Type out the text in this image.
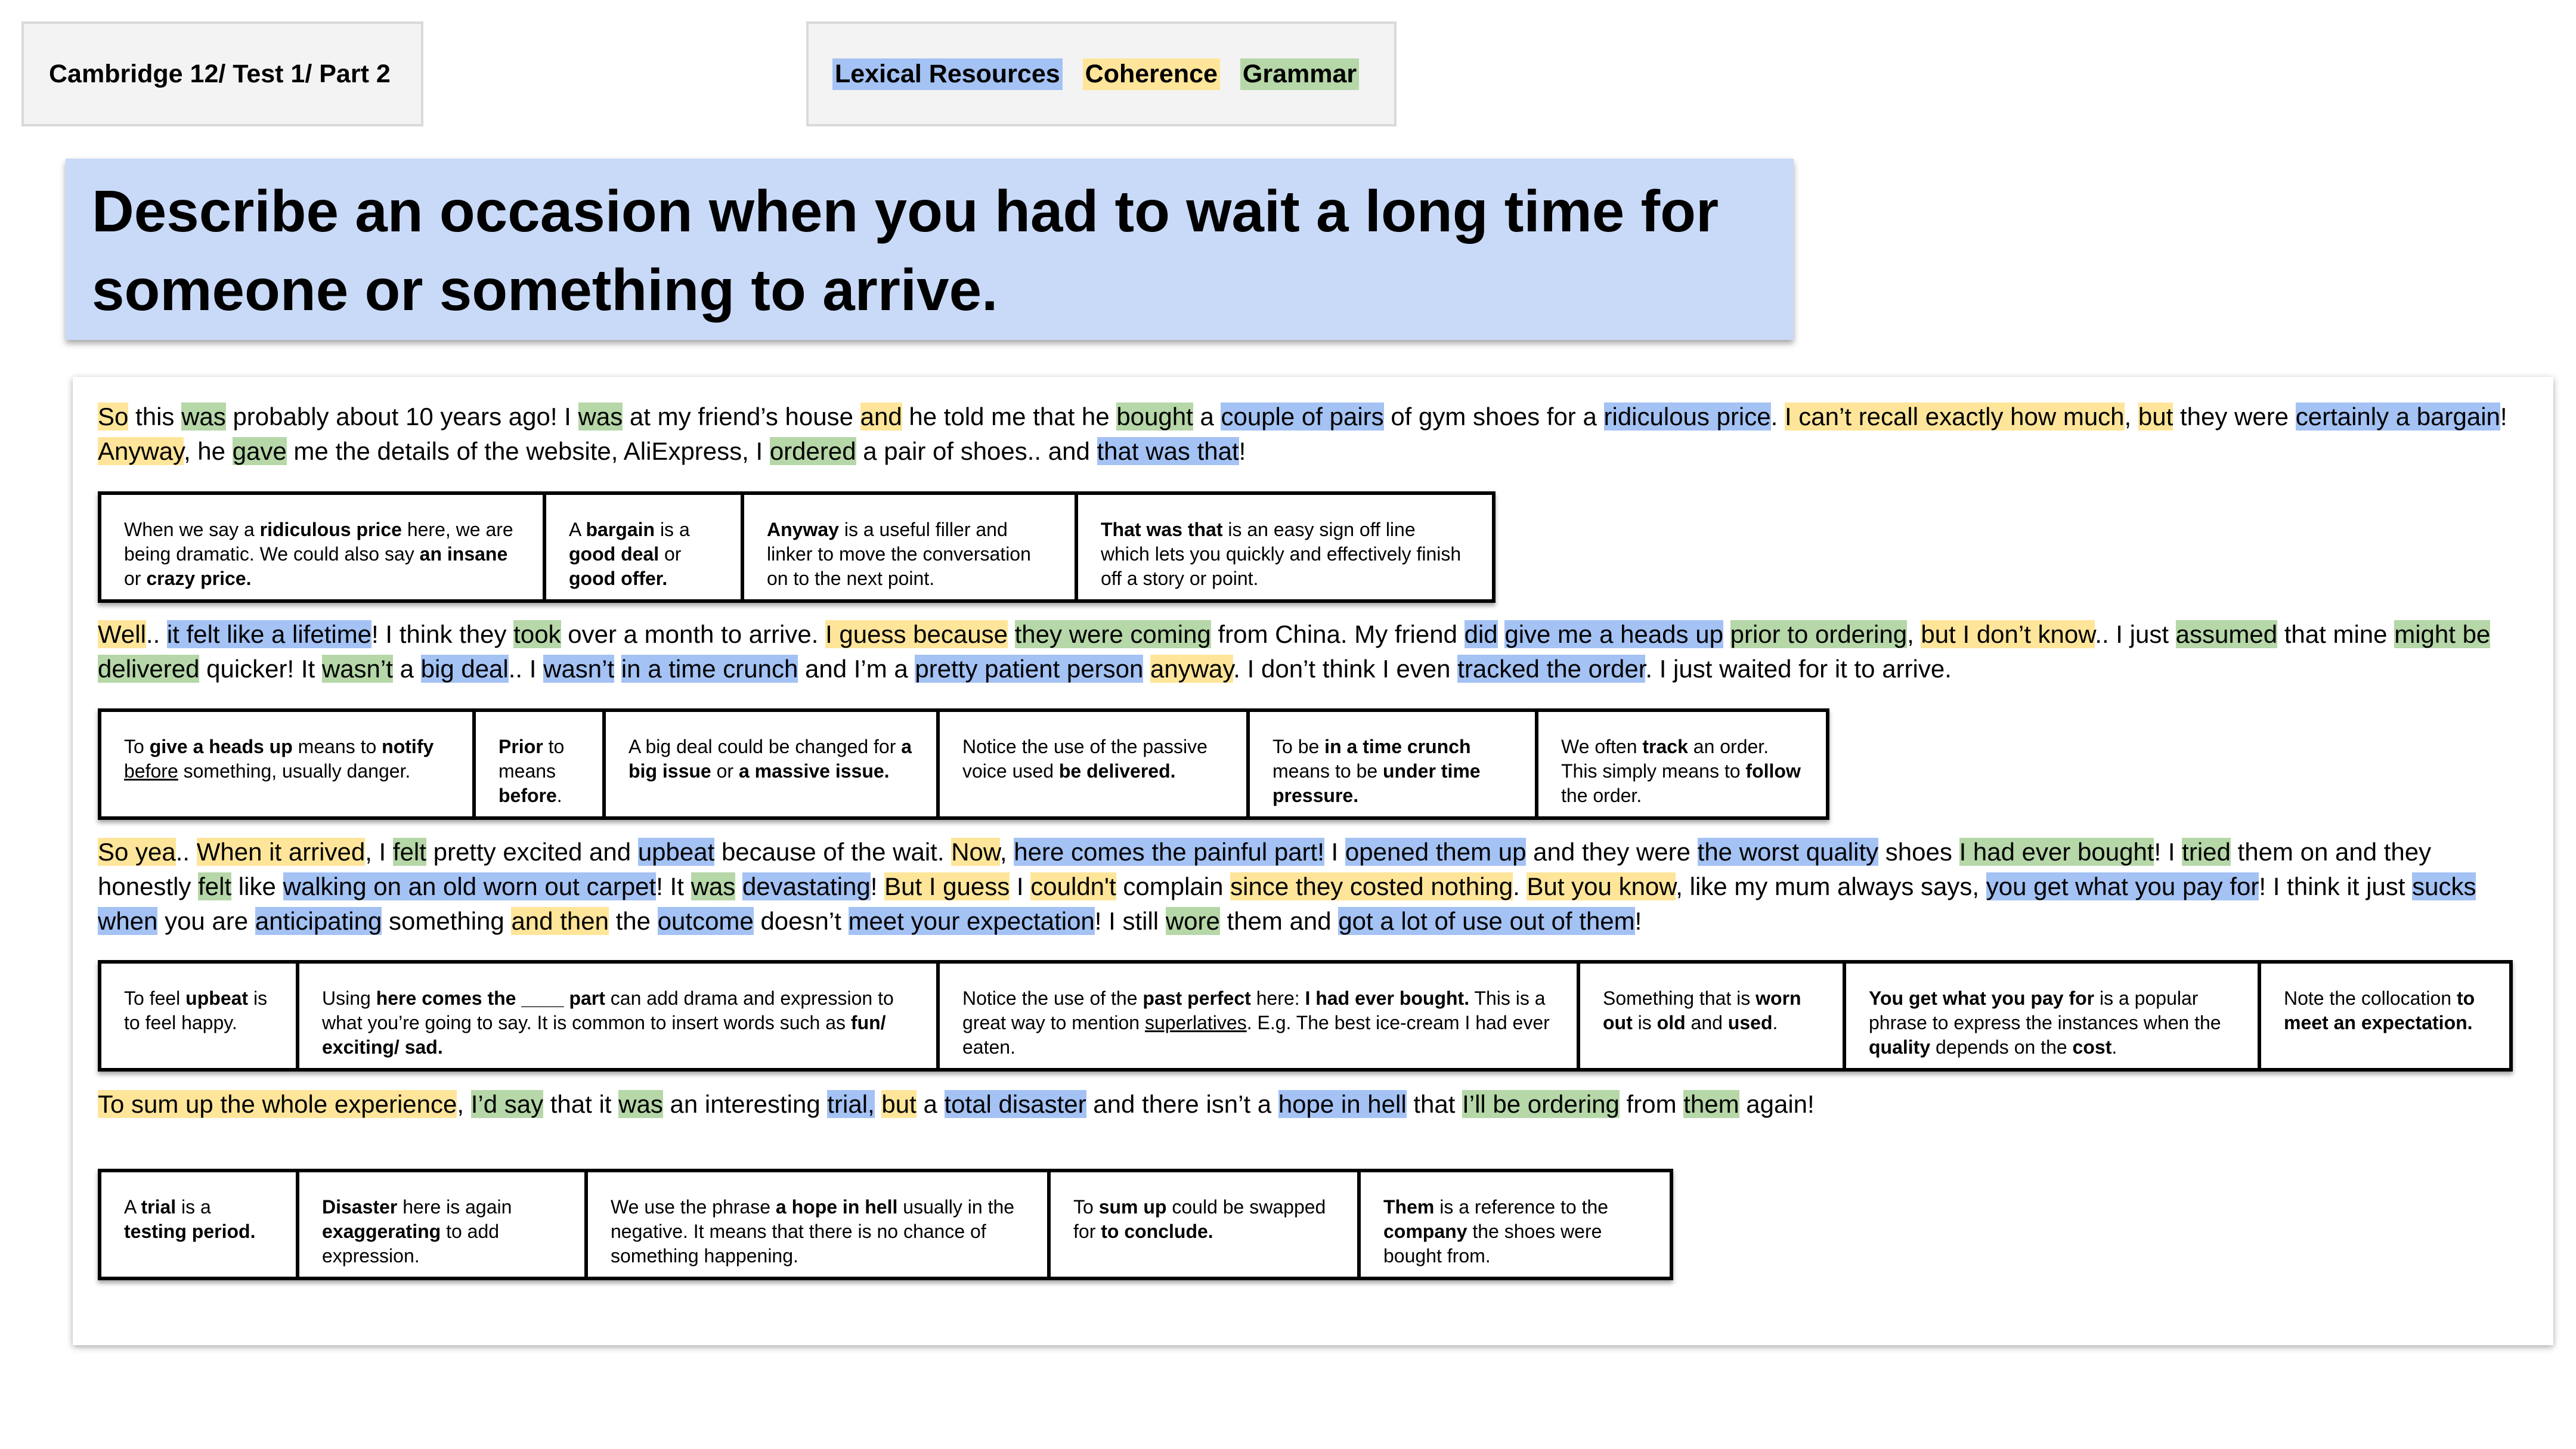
Cambridge 12/ Test 1/ Part 2	Lexical Resources Coherence Grammar
Describe an occasion when you had to wait a long time for someone or something to arrive.

So this was probably about 10 years ago! I was at my friend’s house and he told me that he bought a couple of pairs of gym shoes for a ridiculous price. I can’t recall exactly how much, but they were certainly a bargain! Anyway, he gave me the details of the website, AliExpress, I ordered a pair of shoes.. and that was that!

When we say a ridiculous price here, we are being dramatic. We could also say an insane or crazy price.	A bargain is a good deal or good offer.	Anyway is a useful filler and linker to move the conversation on to the next point.	That was that is an easy sign off line which lets you quickly and effectively finish off a story or point.

Well.. it felt like a lifetime! I think they took over a month to arrive. I guess because they were coming from China. My friend did give me a heads up prior to ordering, but I don’t know.. I just assumed that mine might be delivered quicker! It wasn’t a big deal.. I wasn’t in a time crunch and I’m a pretty patient person anyway. I don’t think I even tracked the order. I just waited for it to arrive.

To give a heads up means to notify before something, usually danger.	Prior to means before.	A big deal could be changed for a big issue or a massive issue.	Notice the use of the passive voice used be delivered.	To be in a time crunch means to be under time pressure.	We often track an order. This simply means to follow the order.

So yea.. When it arrived, I felt pretty excited and upbeat because of the wait. Now, here comes the painful part! I opened them up and they were the worst quality shoes I had ever bought! I tried them on and they honestly felt like walking on an old worn out carpet! It was devastating! But I guess I couldn't complain since they costed nothing. But you know, like my mum always says, you get what you pay for! I think it just sucks when you are anticipating something and then the outcome doesn’t meet your expectation! I still wore them and got a lot of use out of them!

To feel upbeat is to feel happy.	Using here comes the ____ part can add drama and expression to what you’re going to say. It is common to insert words such as fun/ exciting/ sad.	Notice the use of the past perfect here: I had ever bought. This is a great way to mention superlatives. E.g. The best ice-cream I had ever eaten.	Something that is worn out is old and used.	You get what you pay for is a popular phrase to express the instances when the quality depends on the cost.	Note the collocation to meet an expectation.

To sum up the whole experience, I’d say that it was an interesting trial, but a total disaster and there isn’t a hope in hell that I’ll be ordering from them again!

A trial is a testing period.	Disaster here is again exaggerating to add expression.	We use the phrase a hope in hell usually in the negative. It means that there is no chance of something happening.	To sum up could be swapped for to conclude.	Them is a reference to the company the shoes were bought from.
